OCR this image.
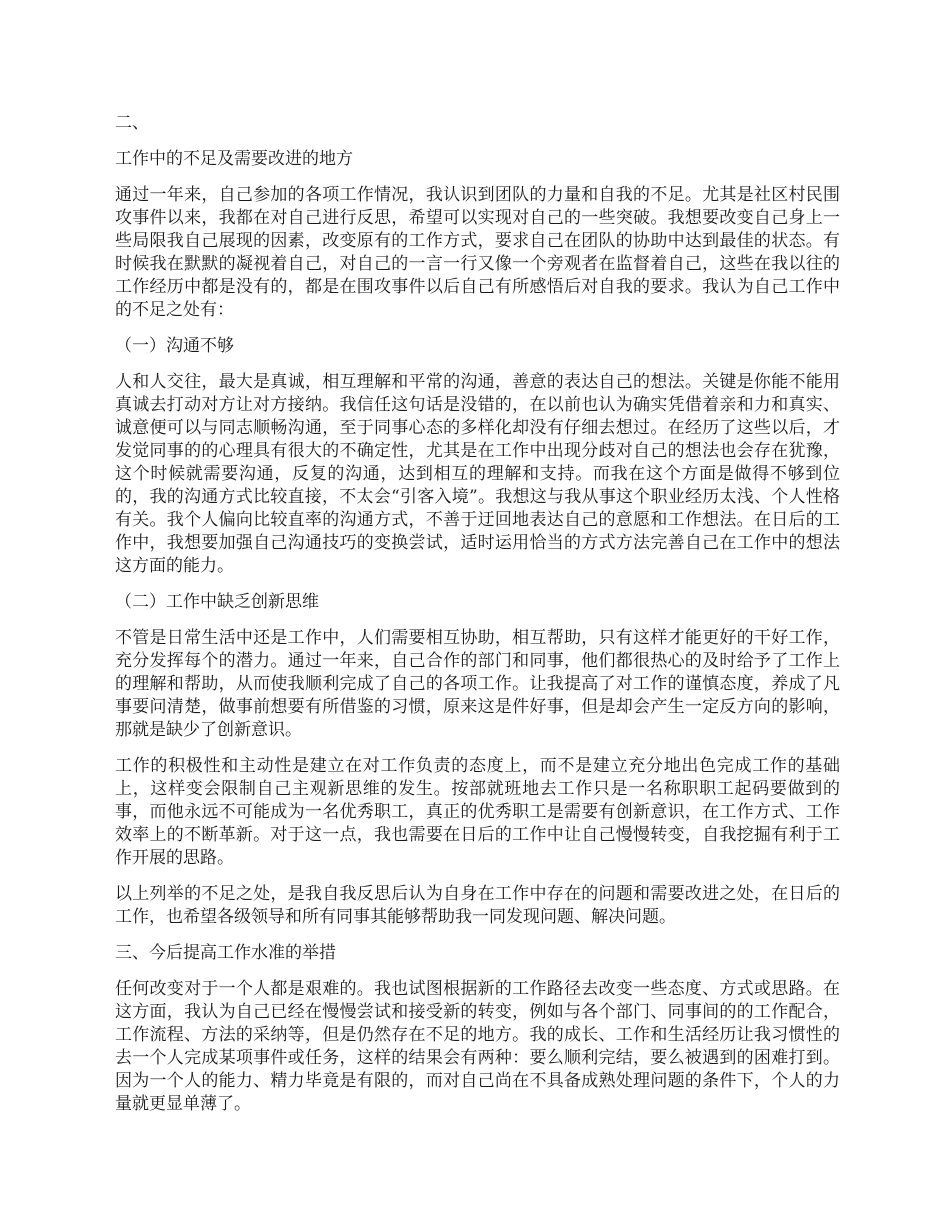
二、
工作中的不足及需要改进的地方
通过一年来，自己参加的各项工作情况，我认识到团队的力量和自我的不足。尤其是社区村民围攻事件以来，我都在对自己进行反思，希望可以实现对自己的一些突破。我想要改变自己身上一些局限我自己展现的因素，改变原有的工作方式，要求自己在团队的协助中达到最佳的状态。有时候我在默默的凝视着自己，对自己的一言一行又像一个旁观者在监督着自己，这些在我以往的工作经历中都是没有的，都是在围攻事件以后自己有所感悟后对自我的要求。我认为自己工作中的不足之处有：
（一）沟通不够
人和人交往，最大是真诚，相互理解和平常的沟通，善意的表达自己的想法。关键是你能不能用真诚去打动对方让对方接纳。我信任这句话是没错的，在以前也认为确实凭借着亲和力和真实、诚意便可以与同志顺畅沟通，至于同事心态的多样化却没有仔细去想过。在经历了这些以后，才发觉同事的的心理具有很大的不确定性，尤其是在工作中出现分歧对自己的想法也会存在犹豫，这个时候就需要沟通，反复的沟通，达到相互的理解和支持。而我在这个方面是做得不够到位的，我的沟通方式比较直接，不太会“引客入境”。我想这与我从事这个职业经历太浅、个人性格有关。我个人偏向比较直率的沟通方式，不善于迂回地表达自己的意愿和工作想法。在日后的工作中，我想要加强自己沟通技巧的变换尝试，适时运用恰当的方式方法完善自己在工作中的想法这方面的能力。
（二）工作中缺乏创新思维
不管是日常生活中还是工作中，人们需要相互协助，相互帮助，只有这样才能更好的干好工作，充分发挥每个的潜力。通过一年来，自己合作的部门和同事，他们都很热心的及时给予了工作上的理解和帮助，从而使我顺利完成了自己的各项工作。让我提高了对工作的谨慎态度，养成了凡事要问清楚，做事前想要有所借鉴的习惯，原来这是件好事，但是却会产生一定反方向的影响，那就是缺少了创新意识。
工作的积极性和主动性是建立在对工作负责的态度上，而不是建立充分地出色完成工作的基础上，这样变会限制自己主观新思维的发生。按部就班地去工作只是一名称职职工起码要做到的事，而他永远不可能成为一名优秀职工，真正的优秀职工是需要有创新意识，在工作方式、工作效率上的不断革新。对于这一点，我也需要在日后的工作中让自己慢慢转变，自我挖掘有利于工作开展的思路。
以上列举的不足之处，是我自我反思后认为自身在工作中存在的问题和需要改进之处，在日后的工作，也希望各级领导和所有同事其能够帮助我一同发现问题、解决问题。
三、今后提高工作水准的举措
任何改变对于一个人都是艰难的。我也试图根据新的工作路径去改变一些态度、方式或思路。在这方面，我认为自己已经在慢慢尝试和接受新的转变，例如与各个部门、同事间的的工作配合，工作流程、方法的采纳等，但是仍然存在不足的地方。我的成长、工作和生活经历让我习惯性的去一个人完成某项事件或任务，这样的结果会有两种：要么顺利完结，要么被遇到的困难打到。因为一个人的能力、精力毕竟是有限的，而对自己尚在不具备成熟处理问题的条件下，个人的力量就更显单薄了。
